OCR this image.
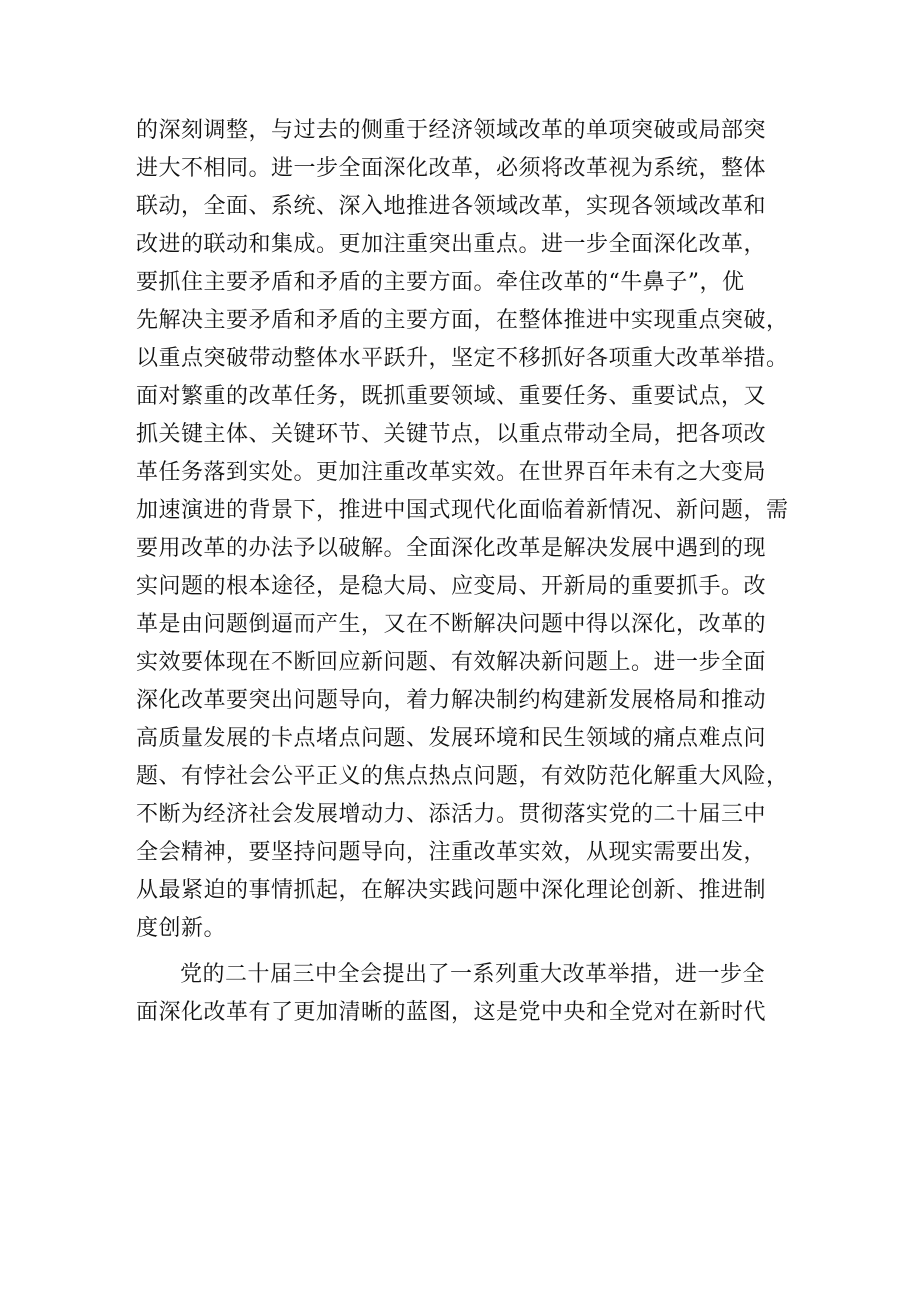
的深刻调整，与过去的侧重于经济领域改革的单项突破或局部突
进大不相同。进一步全面深化改革，必须将改革视为系统，整体
联动，全面、系统、深入地推进各领域改革，实现各领域改革和
改进的联动和集成。更加注重突出重点。进一步全面深化改革，
要抓住主要矛盾和矛盾的主要方面。牵住改革的“牛鼻子”，优
先解决主要矛盾和矛盾的主要方面，在整体推进中实现重点突破，
以重点突破带动整体水平跃升，坚定不移抓好各项重大改革举措。
面对繁重的改革任务，既抓重要领域、重要任务、重要试点，又
抓关键主体、关键环节、关键节点，以重点带动全局，把各项改
革任务落到实处。更加注重改革实效。在世界百年未有之大变局
加速演进的背景下，推进中国式现代化面临着新情况、新问题，需
要用改革的办法予以破解。全面深化改革是解决发展中遇到的现
实问题的根本途径，是稳大局、应变局、开新局的重要抓手。改
革是由问题倒逼而产生，又在不断解决问题中得以深化，改革的
实效要体现在不断回应新问题、有效解决新问题上。进一步全面
深化改革要突出问题导向，着力解决制约构建新发展格局和推动
高质量发展的卡点堵点问题、发展环境和民生领域的痛点难点问
题、有悖社会公平正义的焦点热点问题，有效防范化解重大风险，
不断为经济社会发展增动力、添活力。贯彻落实党的二十届三中
全会精神，要坚持问题导向，注重改革实效，从现实需要出发，
从最紧迫的事情抓起，在解决实践问题中深化理论创新、推进制
度创新。
党的二十届三中全会提出了一系列重大改革举措，进一步全
面深化改革有了更加清晰的蓝图，这是党中央和全党对在新时代
